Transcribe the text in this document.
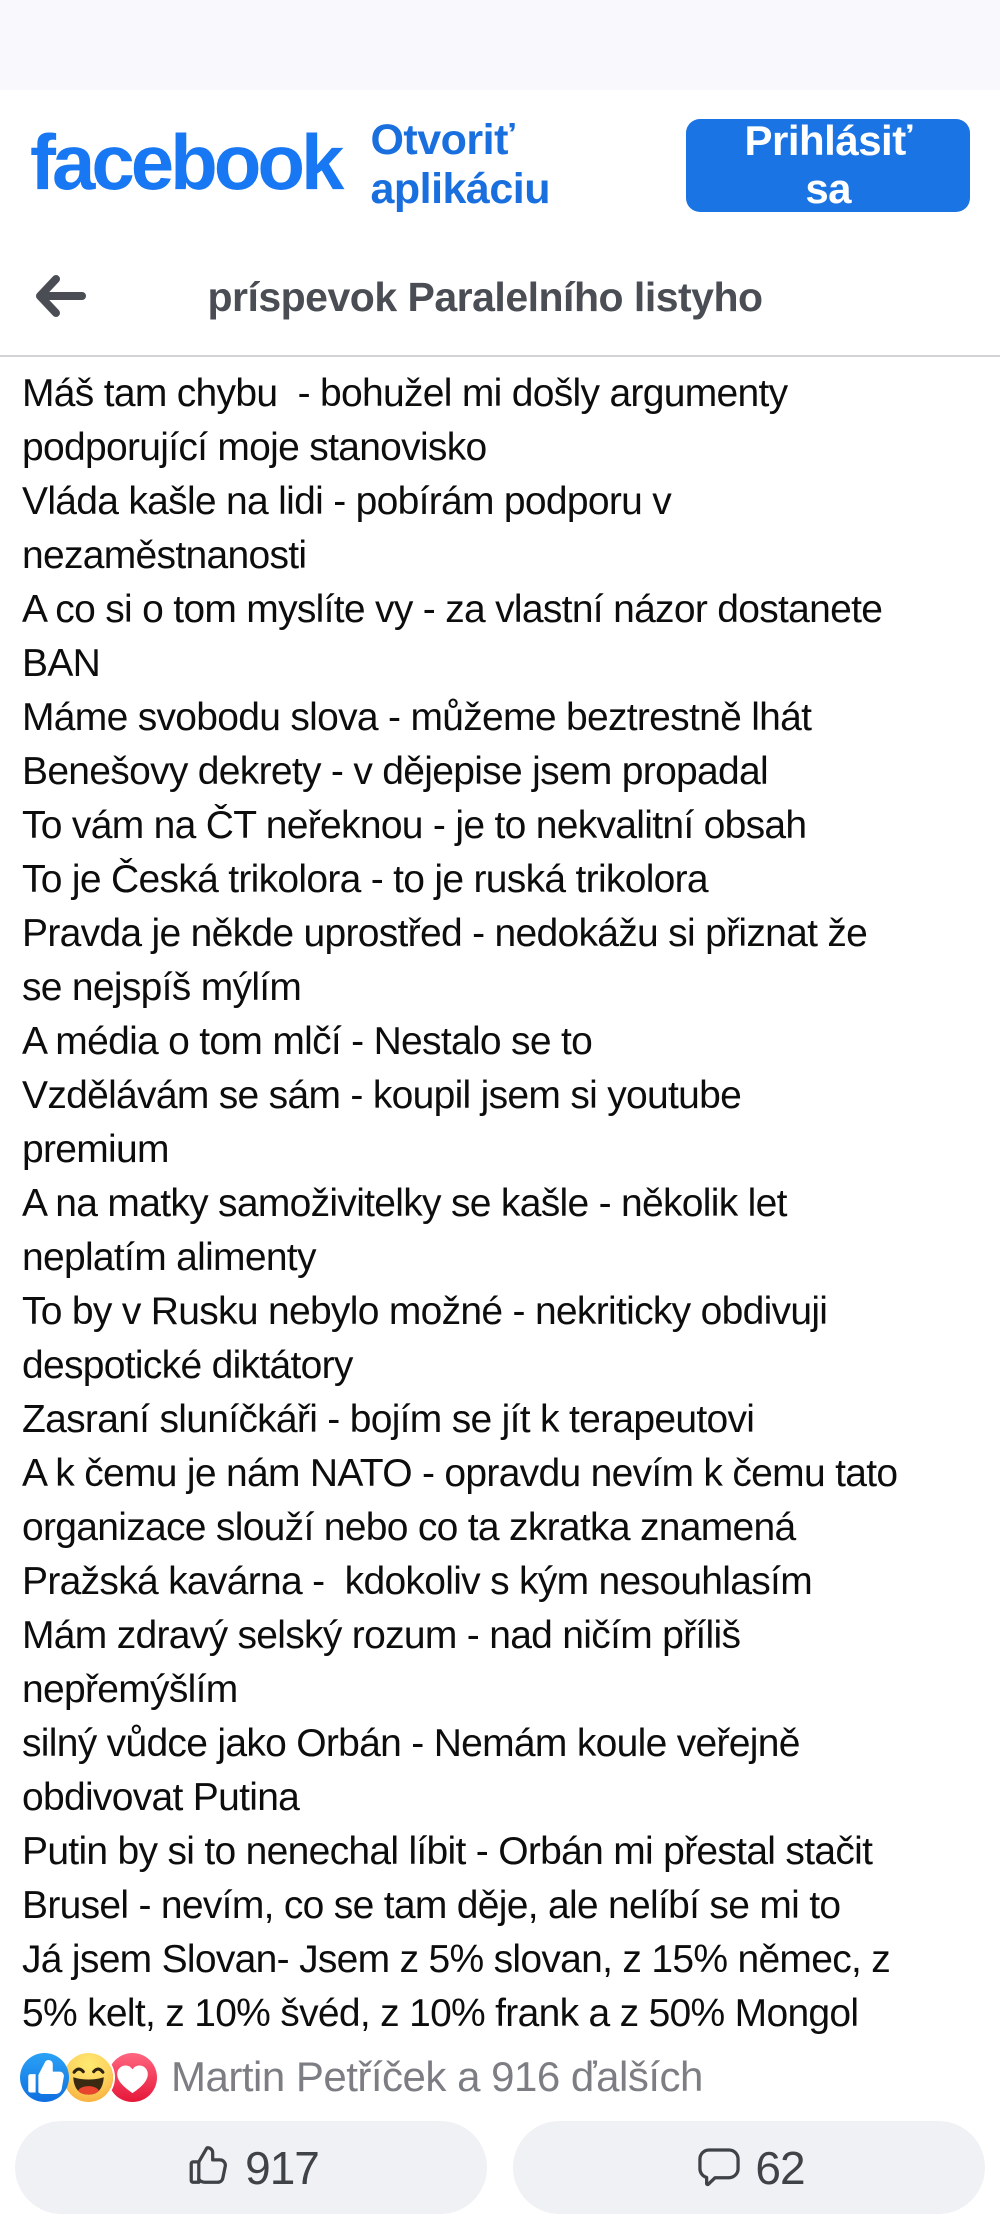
facebook Otvoriť aplikáciu
Prihlásiť sa
príspevok Paralelního listyho

Máš tam chybu  - bohužel mi došly argumenty

podporující moje stanovisko

Vláda kašle na lidi - pobírám podporu v

nezaměstnanosti

A co si o tom myslíte vy - za vlastní názor dostanete

BAN

Máme svobodu slova - můžeme beztrestně lhát

Benešovy dekrety - v dějepise jsem propadal

To vám na ČT neřeknou - je to nekvalitní obsah

To je Česká trikolora - to je ruská trikolora

Pravda je někde uprostřed - nedokážu si přiznat že

se nejspíš mýlím

A média o tom mlčí - Nestalo se to

Vzdělávám se sám - koupil jsem si youtube

premium

A na matky samoživitelky se kašle - několik let

neplatím alimenty

To by v Rusku nebylo možné - nekriticky obdivuji

despotické diktátory

Zasraní sluníčkáři - bojím se jít k terapeutovi

A k čemu je nám NATO - opravdu nevím k čemu tato

organizace slouží nebo co ta zkratka znamená

Pražská kavárna -  kdokoliv s kým nesouhlasím

Mám zdravý selský rozum - nad ničím příliš

nepřemýšlím

silný vůdce jako Orbán - Nemám koule veřejně

obdivovat Putina

Putin by si to nenechal líbit - Orbán mi přestal stačit

Brusel - nevím, co se tam děje, ale nelíbí se mi to

Já jsem Slovan- Jsem z 5% slovan, z 15% němec, z

5% kelt, z 10% švéd, z 10% frank a z 50% Mongol

Martin Petříček a 916 ďalších
917	62
